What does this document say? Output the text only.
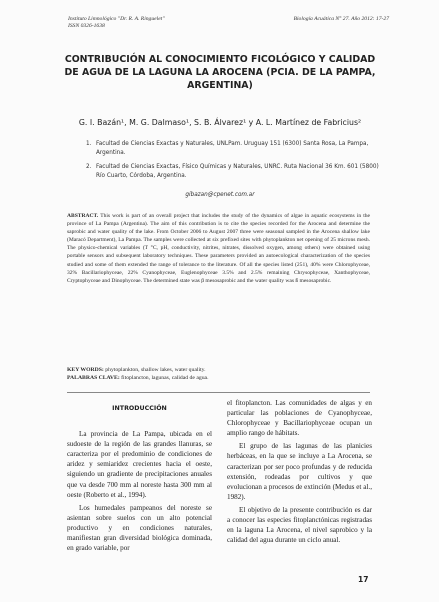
Instituto Limnológico "Dr. R. A. Ringuelet"
ISSN 0326-1638
Biología Acuática N° 27. Año 2012: 17-27
CONTRIBUCIÓN AL CONOCIMIENTO FICOLÓGICO Y CALIDAD DE AGUA DE LA LAGUNA LA AROCENA (PCIA. DE LA PAMPA, ARGENTINA)
G. I. Bazán¹, M. G. Dalmaso¹, S. B. Álvarez¹ y A. L. Martínez de Fabricius²
1. Facultad de Ciencias Exactas y Naturales, UNLPam. Uruguay 151 (6300) Santa Rosa, La Pampa, Argentina.
2. Facultad de Ciencias Exactas, Físico Químicas y Naturales, UNRC. Ruta Nacional 36 Km. 601 (5800) Río Cuarto, Córdoba, Argentina.
gibazan@cpenet.com.ar
ABSTRACT. This work is part of an overall project that includes the study of the dynamics of algae in aquatic ecosystems in the province of La Pampa (Argentina). The aim of this contribution is to cite the species recorded for the Arocena and determine the saprobic and water quality of the lake. From October 2006 to August 2007 three were seasonal sampled in the Arocena shallow lake (Maracó Department), La Pampa. The samples were collected at six prefixed sites with phytoplankton net opening of 25 microns mesh. The physico-chemical variables (T °C, pH, conductivity, nitrites, nitrates, dissolved oxygen, among others) were obtained using portable sensors and subsequent laboratory techniques. These parameters provided an autoecological characterization of the species studied and some of them extended the range of tolerance to the literature. Of all the species listed (251), 40% were Chlorophyceae, 32% Bacillariophyceae, 22% Cyanophyceae, Euglenophyceae 3.5% and 2.5% remaining Chrysophyceae, Xanthophyceae, Cryptophyceae and Dinophyceae. The determined state was β mesosaprobic and the water quality was ß mesosaprobic.
KEY WORDS: phytoplankton, shallow lakes, water quality.
PALABRAS CLAVE: fitoplancton, lagunas, calidad de agua.
INTRODUCCIÓN

La provincia de La Pampa, ubicada en el sudoeste de la región de las grandes llanuras, se caracteriza por el predominio de condiciones de aridez y semiaridez crecientes hacia el oeste, siguiendo un gradiente de precipitaciones anuales que va desde 700 mm al noreste hasta 300 mm al oeste (Roberto et al., 1994).

Los humedales pampeanos del noreste se asientan sobre suelos con un alto potencial productivo y en condiciones naturales, manifiestan gran diversidad biológica dominada, en grado variable, por

el fitoplancton. Las comunidades de algas y en particular las poblaciones de Cyanophyceae, Chlorophyceae y Bacillariophyceae ocupan un amplio rango de hábitats.

El grupo de las lagunas de las planicies herbáceas, en la que se incluye a La Arocena, se caracterizan por ser poco profundas y de reducida extensión, rodeadas por cultivos y que evolucionan a procesos de extinción (Medus et al., 1982).

El objetivo de la presente contribución es dar a conocer las especies fitoplanctónicas registradas en la laguna La Arocena, el nivel saprobico y la calidad del agua durante un ciclo anual.

17
